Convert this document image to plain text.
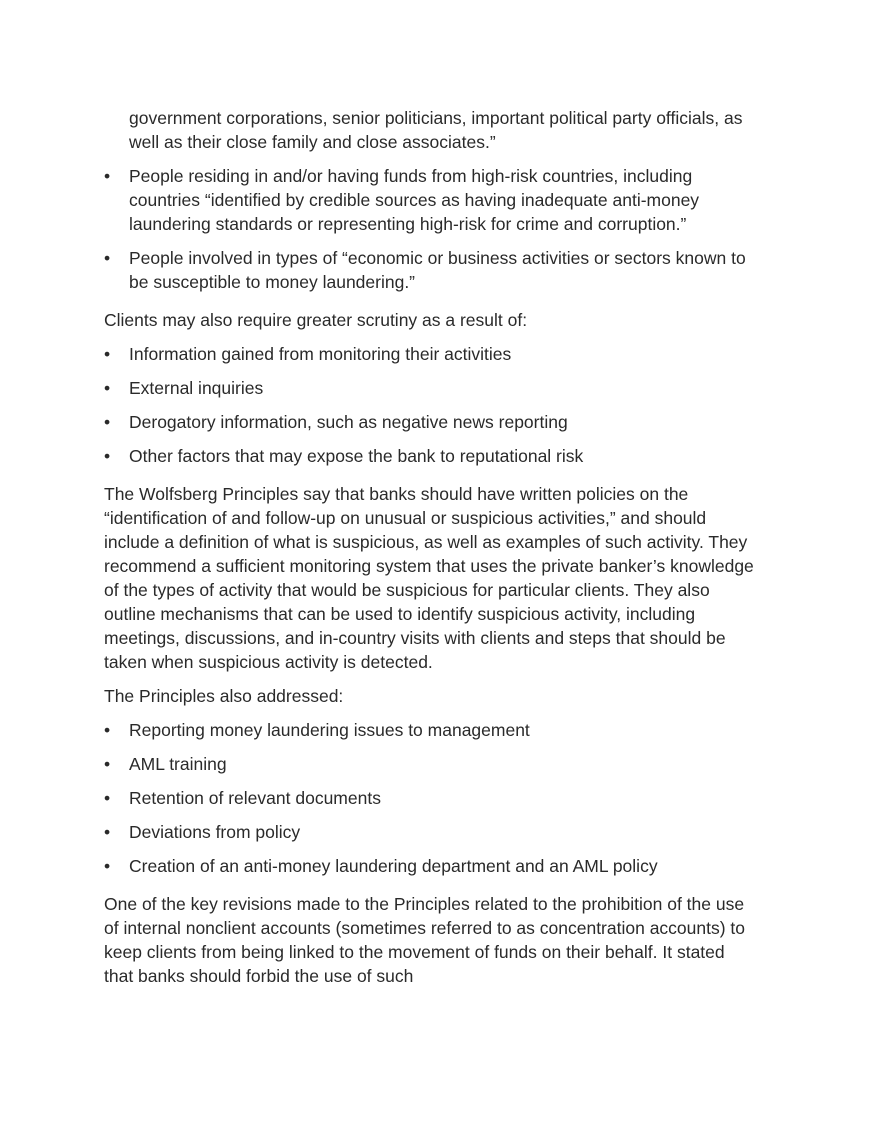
government corporations, senior politicians, important political party officials, as well as their close family and close associates.”

• People residing in and/or having funds from high-risk countries, including countries “identified by credible sources as having inadequate anti-money laundering standards or representing high-risk for crime and corruption.”
• People involved in types of “economic or business activities or sectors known to be susceptible to money laundering.”

Clients may also require greater scrutiny as a result of:

• Information gained from monitoring their activities
• External inquiries
• Derogatory information, such as negative news reporting
• Other factors that may expose the bank to reputational risk

The Wolfsberg Principles say that banks should have written policies on the “identification of and follow-up on unusual or suspicious activities,” and should include a definition of what is suspicious, as well as examples of such activity. They recommend a sufficient monitoring system that uses the private banker’s knowledge of the types of activity that would be suspicious for particular clients. They also outline mechanisms that can be used to identify suspicious activity, including meetings, discussions, and in-country visits with clients and steps that should be taken when suspicious activity is detected.

The Principles also addressed:

• Reporting money laundering issues to management
• AML training
• Retention of relevant documents
• Deviations from policy
• Creation of an anti-money laundering department and an AML policy

One of the key revisions made to the Principles related to the prohibition of the use of internal nonclient accounts (sometimes referred to as concentration accounts) to keep clients from being linked to the movement of funds on their behalf. It stated that banks should forbid the use of such
